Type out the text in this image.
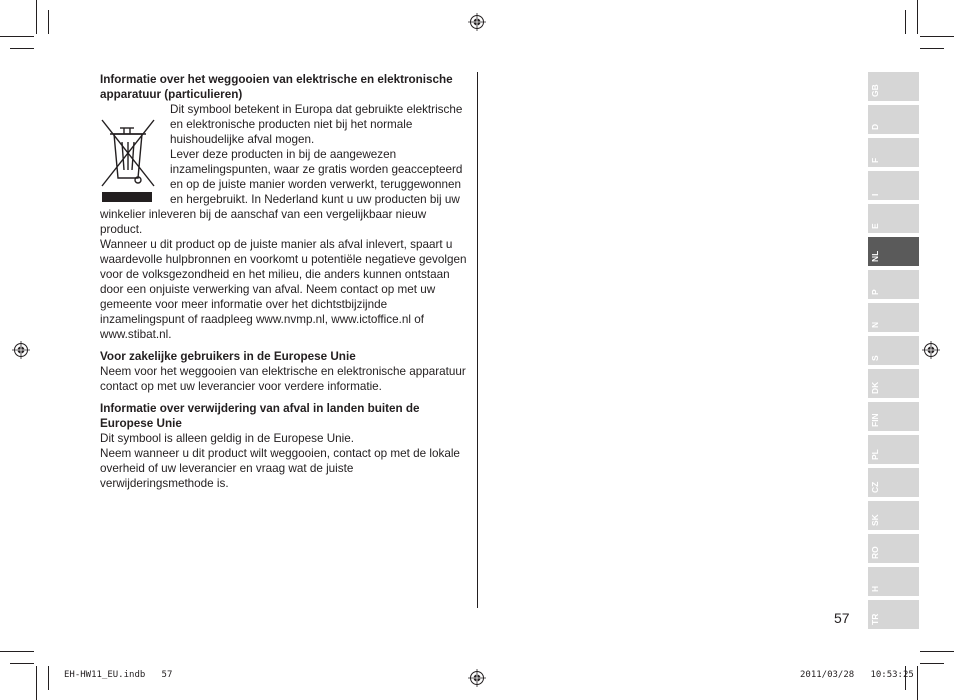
Informatie over het weggooien van elektrische en elektronische apparatuur (particulieren)
Dit symbool betekent in Europa dat gebruikte elektrische en elektronische producten niet bij het normale huishoudelijke afval mogen.
Lever deze producten in bij de aangewezen inzamelingspunten, waar ze gratis worden geaccepteerd en op de juiste manier worden verwerkt, teruggewonnen en hergebruikt. In Nederland kunt u uw producten bij uw winkelier inleveren bij de aanschaf van een vergelijkbaar nieuw product.
Wanneer u dit product op de juiste manier als afval inlevert, spaart u waardevolle hulpbronnen en voorkomt u potentiële negatieve gevolgen voor de volksgezondheid en het milieu, die anders kunnen ontstaan door een onjuiste verwerking van afval. Neem contact op met uw gemeente voor meer informatie over het dichtstbijzijnde inzamelingspunt of raadpleeg www.nvmp.nl, www.ictoffice.nl of www.stibat.nl.

Voor zakelijke gebruikers in de Europese Unie
Neem voor het weggooien van elektrische en elektronische apparatuur contact op met uw leverancier voor verdere informatie.

Informatie over verwijdering van afval in landen buiten de Europese Unie
Dit symbool is alleen geldig in de Europese Unie.
Neem wanneer u dit product wilt weggooien, contact op met de lokale overheid of uw leverancier en vraag wat de juiste verwijderingsmethode is.

GB
D
F
I
E
NL
P
N
S
DK
FIN
PL
CZ
SK
RO
H
TR
57
EH-HW11_EU.indb   57	2011/03/28   10:53:25
